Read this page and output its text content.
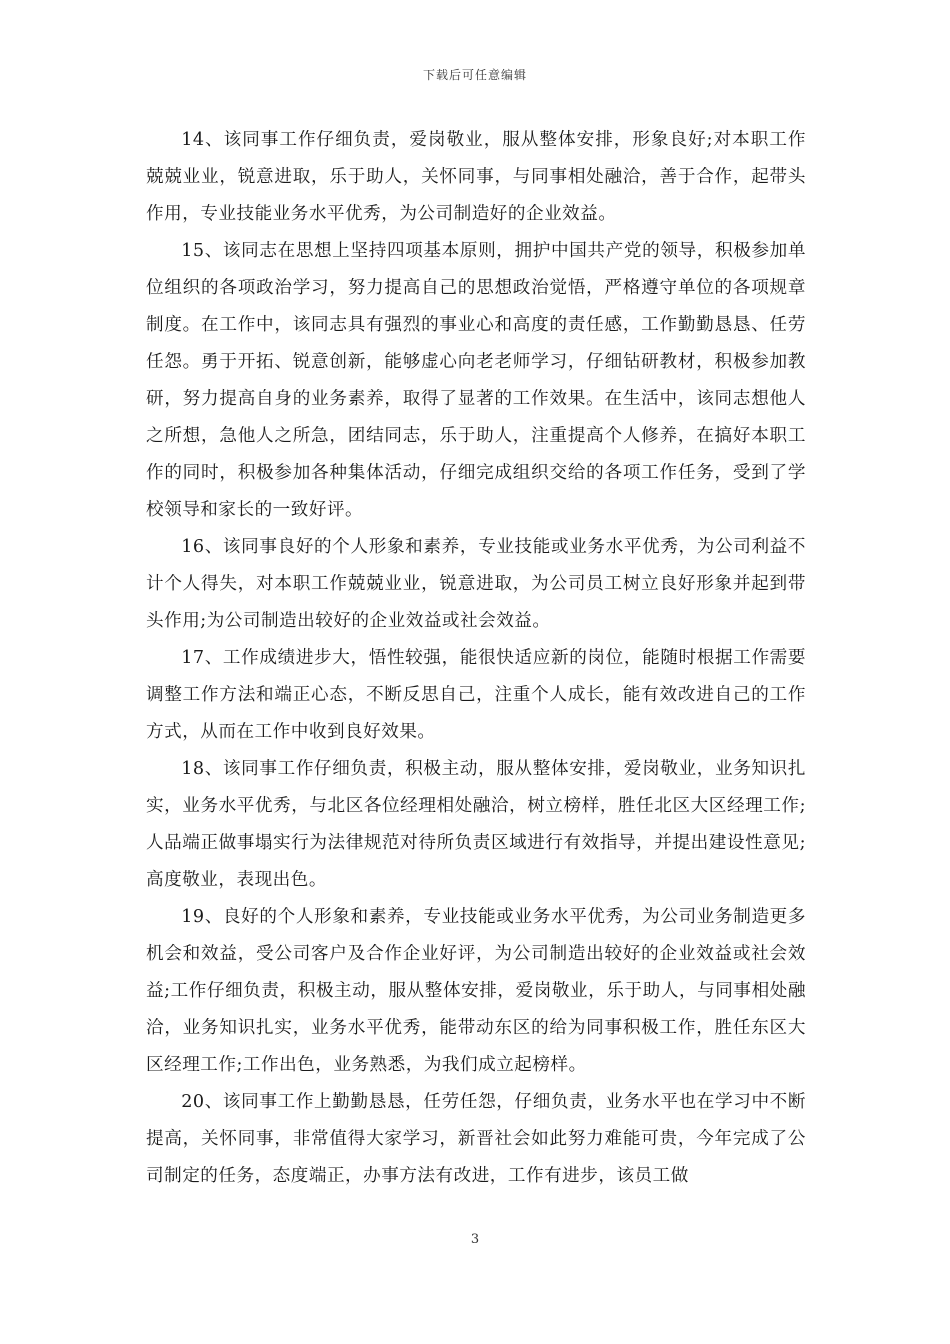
下载后可任意编辑

14、该同事工作仔细负责，爱岗敬业，服从整体安排，形象良好;对本职工作兢兢业业，锐意进取，乐于助人，关怀同事，与同事相处融洽，善于合作，起带头作用，专业技能业务水平优秀，为公司制造好的企业效益。

15、该同志在思想上坚持四项基本原则，拥护中国共产党的领导，积极参加单位组织的各项政治学习，努力提高自己的思想政治觉悟，严格遵守单位的各项规章制度。在工作中，该同志具有强烈的事业心和高度的责任感，工作勤勤恳恳、任劳任怨。勇于开拓、锐意创新，能够虚心向老老师学习，仔细钻研教材，积极参加教研，努力提高自身的业务素养，取得了显著的工作效果。在生活中，该同志想他人之所想，急他人之所急，团结同志，乐于助人，注重提高个人修养，在搞好本职工作的同时，积极参加各种集体活动，仔细完成组织交给的各项工作任务，受到了学校领导和家长的一致好评。

16、该同事良好的个人形象和素养，专业技能或业务水平优秀，为公司利益不计个人得失，对本职工作兢兢业业，锐意进取，为公司员工树立良好形象并起到带头作用;为公司制造出较好的企业效益或社会效益。

17、工作成绩进步大，悟性较强，能很快适应新的岗位，能随时根据工作需要调整工作方法和端正心态，不断反思自己，注重个人成长，能有效改进自己的工作方式，从而在工作中收到良好效果。

18、该同事工作仔细负责，积极主动，服从整体安排，爱岗敬业，业务知识扎实，业务水平优秀，与北区各位经理相处融洽，树立榜样，胜任北区大区经理工作;人品端正做事塌实行为法律规范对待所负责区域进行有效指导，并提出建设性意见;高度敬业，表现出色。

19、良好的个人形象和素养，专业技能或业务水平优秀，为公司业务制造更多机会和效益，受公司客户及合作企业好评，为公司制造出较好的企业效益或社会效益;工作仔细负责，积极主动，服从整体安排，爱岗敬业，乐于助人，与同事相处融洽，业务知识扎实，业务水平优秀，能带动东区的给为同事积极工作，胜任东区大区经理工作;工作出色，业务熟悉，为我们成立起榜样。

20、该同事工作上勤勤恳恳，任劳任怨，仔细负责，业务水平也在学习中不断提高，关怀同事，非常值得大家学习，新晋社会如此努力难能可贵，今年完成了公司制定的任务，态度端正，办事方法有改进，工作有进步，该员工做

3
